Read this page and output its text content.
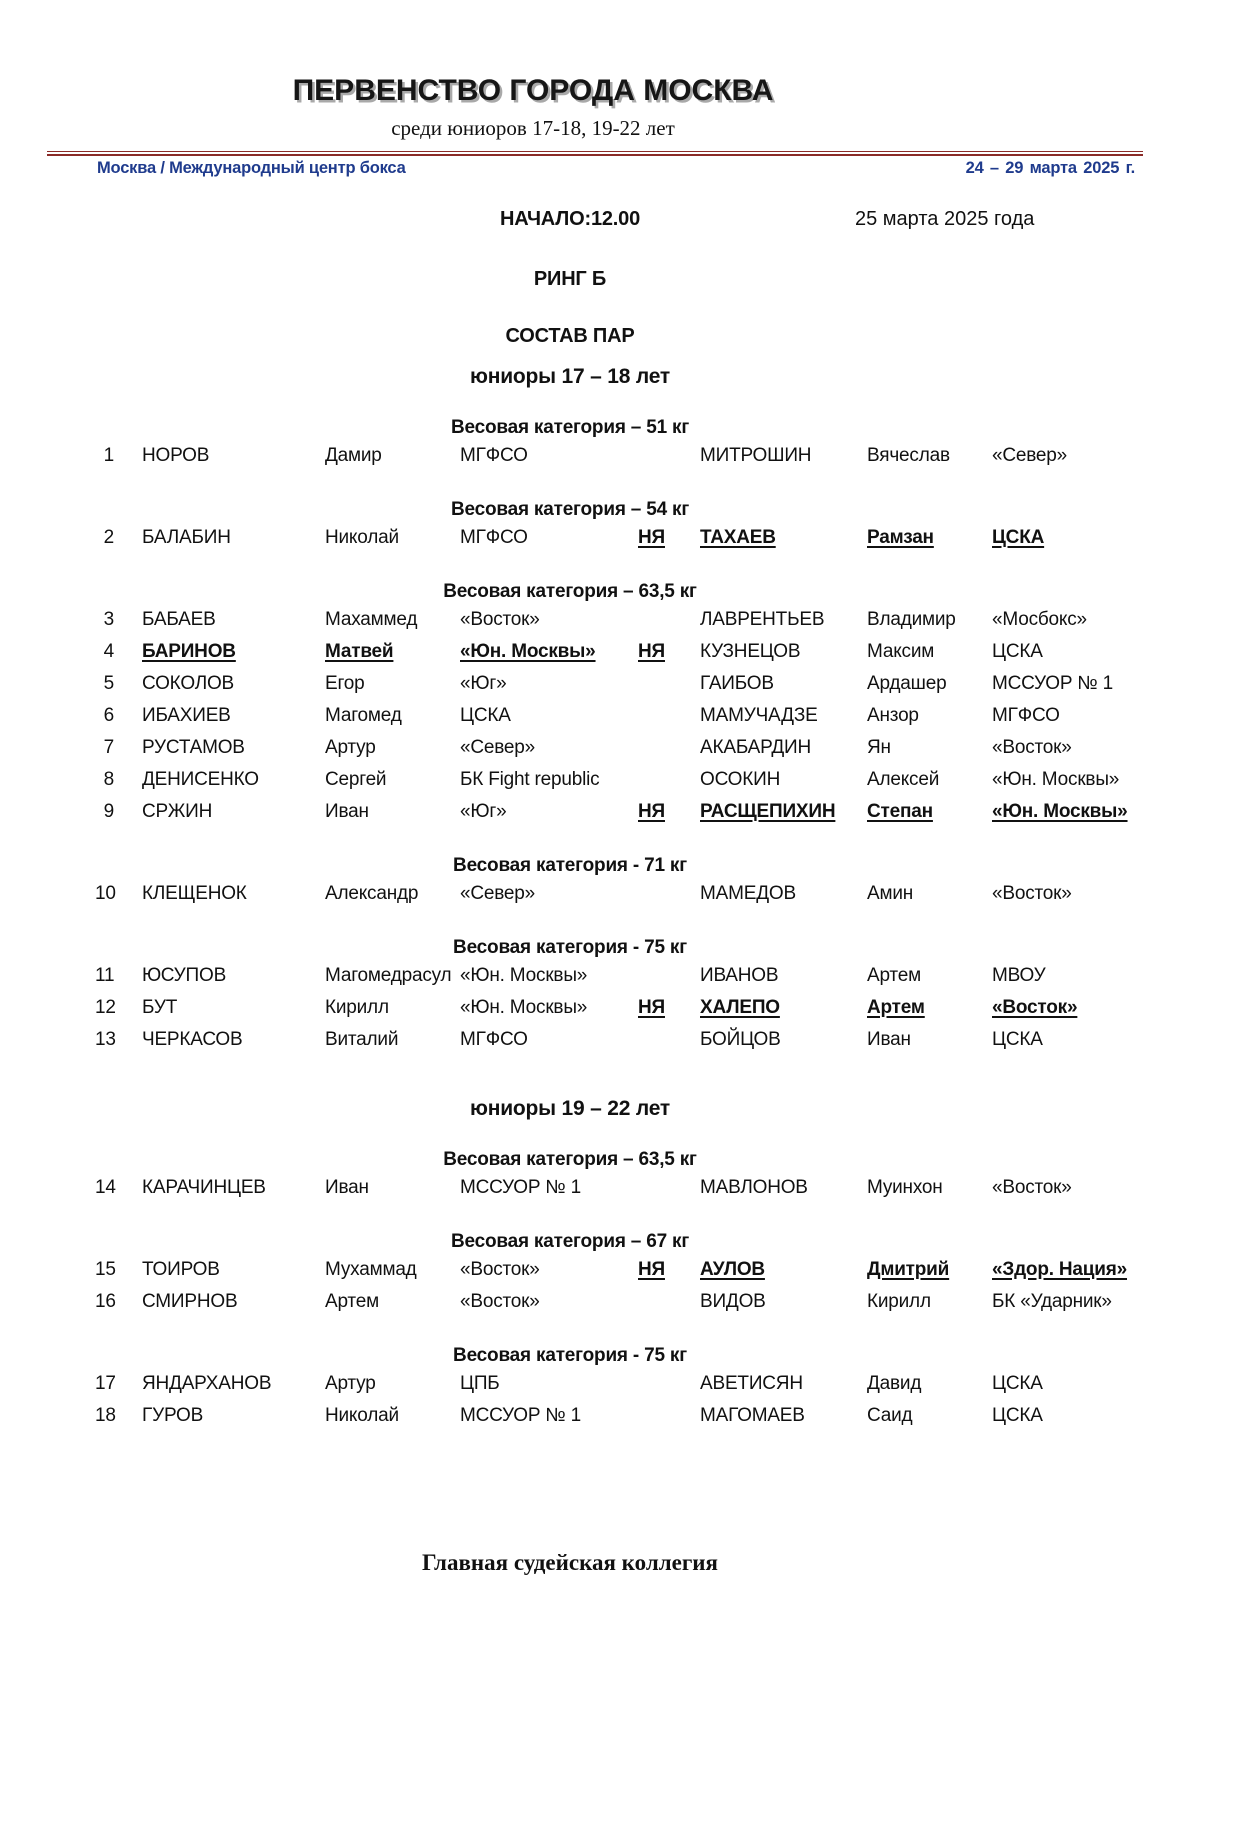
ПЕРВЕНСТВО ГОРОДА МОСКВА
среди юниоров 17-18, 19-22 лет
Москва / Международный центр бокса	24 – 29 марта 2025 г.
НАЧАЛО:12.00	25 марта 2025 года
РИНГ Б
СОСТАВ ПАР
юниоры 17 – 18 лет
Весовая категория – 51 кг
1	НОРОВ	Дамир	МГФСО	МИТРОШИН	Вячеслав	«Север»
Весовая категория – 54 кг
2	БАЛАБИН	Николай	МГФСО	НЯ	ТАХАЕВ	Рамзан	ЦСКА
Весовая категория – 63,5 кг
3	БАБАЕВ	Махаммед	«Восток»	ЛАВРЕНТЬЕВ	Владимир	«Мосбокс»
4	БАРИНОВ	Матвей	«Юн. Москвы»	НЯ	КУЗНЕЦОВ	Максим	ЦСКА
5	СОКОЛОВ	Егор	«Юг»	ГАИБОВ	Ардашер	МССУОР № 1
6	ИБАХИЕВ	Магомед	ЦСКА	МАМУЧАДЗЕ	Анзор	МГФСО
7	РУСТАМОВ	Артур	«Север»	АКАБАРДИН	Ян	«Восток»
8	ДЕНИСЕНКО	Сергей	БК Fight republic	ОСОКИН	Алексей	«Юн. Москвы»
9	СРЖИН	Иван	«Юг»	НЯ	РАСЩЕПИХИН	Степан	«Юн. Москвы»
Весовая категория - 71 кг
10	КЛЕЩЕНОК	Александр	«Север»	МАМЕДОВ	Амин	«Восток»
Весовая категория - 75 кг
11	ЮСУПОВ	Магомедрасул «Юн. Москвы»	ИВАНОВ	Артем	МВОУ
12	БУТ	Кирилл	«Юн. Москвы»	НЯ	ХАЛЕПО	Артем	«Восток»
13	ЧЕРКАСОВ	Виталий	МГФСО	БОЙЦОВ	Иван	ЦСКА
юниоры 19 – 22 лет
Весовая категория – 63,5 кг
14	КАРАЧИНЦЕВ	Иван	МССУОР № 1	МАВЛОНОВ	Муинхон	«Восток»
Весовая категория – 67 кг
15	ТОИРОВ	Мухаммад	«Восток»	НЯ	АУЛОВ	Дмитрий	«Здор. Нация»
16	СМИРНОВ	Артем	«Восток»	ВИДОВ	Кирилл	БК «Ударник»
Весовая категория - 75 кг
17	ЯНДАРХАНОВ	Артур	ЦПБ	АВЕТИСЯН	Давид	ЦСКА
18	ГУРОВ	Николай	МССУОР № 1	МАГОМАЕВ	Саид	ЦСКА
Главная судейская коллегия
